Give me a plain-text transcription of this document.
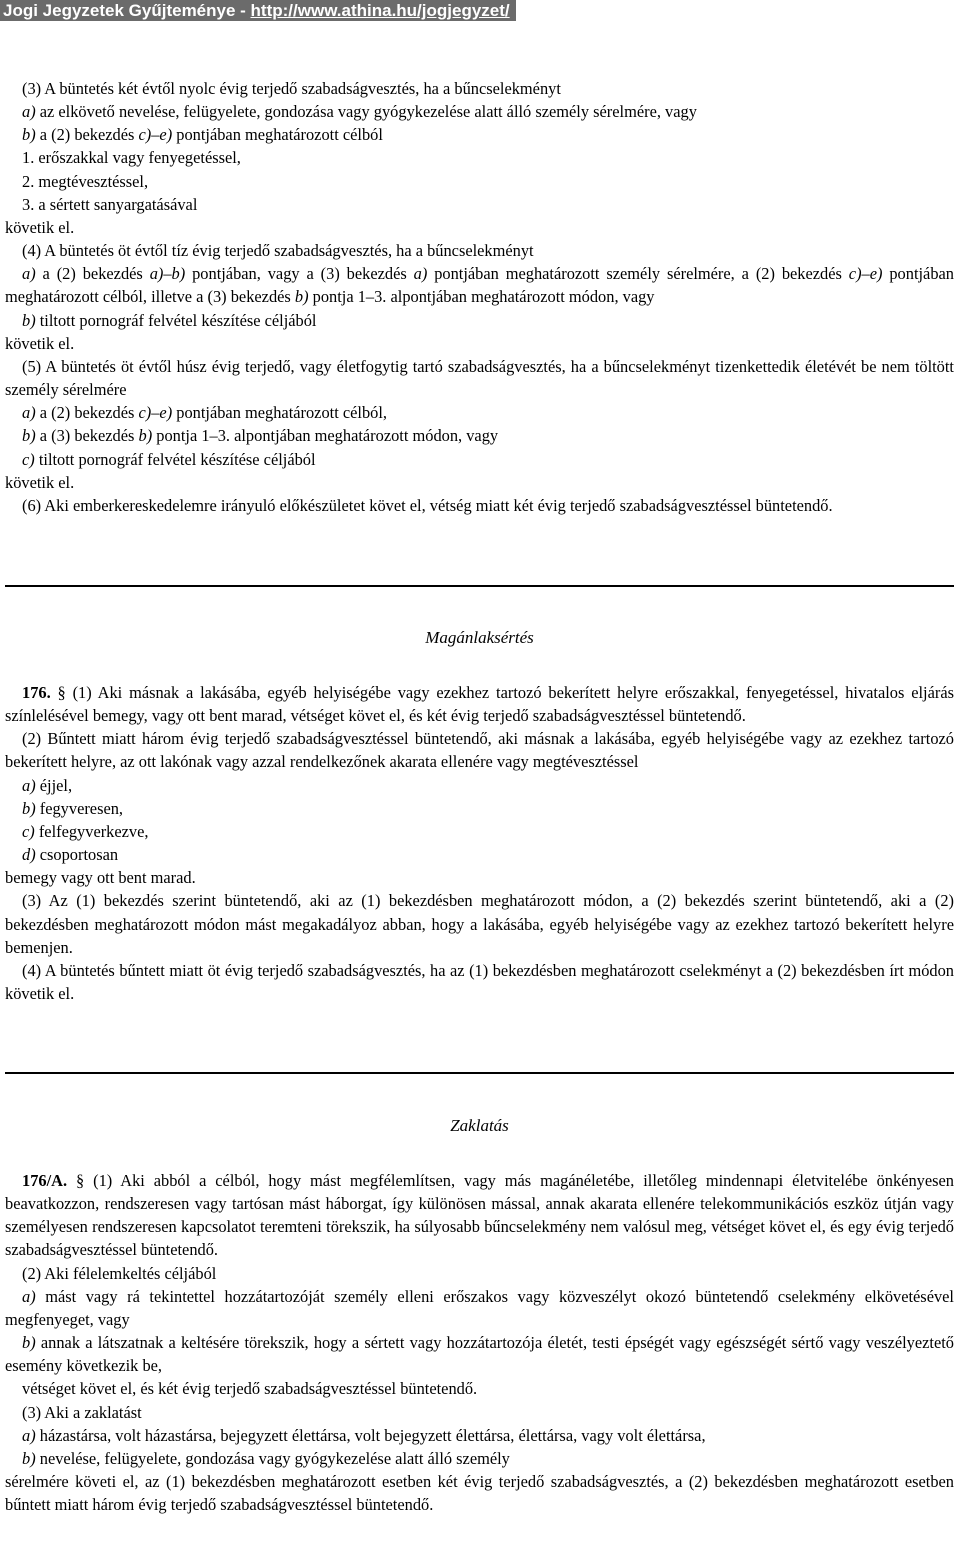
Jogi Jegyzetek Gyűjteménye - http://www.athina.hu/jogjegyzet/

(3) A büntetés két évtől nyolc évig terjedő szabadságvesztés, ha a bűncselekményt

a) az elkövető nevelése, felügyelete, gondozása vagy gyógykezelése alatt álló személy sérelmére, vagy

b) a (2) bekezdés c)–e) pontjában meghatározott célból

1. erőszakkal vagy fenyegetéssel,

2. megtévesztéssel,

3. a sértett sanyargatásával

követik el.

(4) A büntetés öt évtől tíz évig terjedő szabadságvesztés, ha a bűncselekményt

a) a (2) bekezdés a)–b) pontjában, vagy a (3) bekezdés a) pontjában meghatározott személy sérelmére, a (2) bekezdés c)–e) pontjában meghatározott célból, illetve a (3) bekezdés b) pontja 1–3. alpontjában meghatározott módon, vagy

b) tiltott pornográf felvétel készítése céljából

követik el.

(5) A büntetés öt évtől húsz évig terjedő, vagy életfogytig tartó szabadságvesztés, ha a bűncselekményt tizenkettedik életévét be nem töltött személy sérelmére

a) a (2) bekezdés c)–e) pontjában meghatározott célból,

b) a (3) bekezdés b) pontja 1–3. alpontjában meghatározott módon, vagy

c) tiltott pornográf felvétel készítése céljából

követik el.

(6) Aki emberkereskedelemre irányuló előkészületet követ el, vétség miatt két évig terjedő szabadságvesztéssel büntetendő.

Magánlaksértés

176. § (1) Aki másnak a lakásába, egyéb helyiségébe vagy ezekhez tartozó bekerített helyre erőszakkal, fenyegetéssel, hivatalos eljárás színlelésével bemegy, vagy ott bent marad, vétséget követ el, és két évig terjedő szabadságvesztéssel büntetendő.

(2) Bűntett miatt három évig terjedő szabadságvesztéssel büntetendő, aki másnak a lakásába, egyéb helyiségébe vagy az ezekhez tartozó bekerített helyre, az ott lakónak vagy azzal rendelkezőnek akarata ellenére vagy megtévesztéssel

a) éjjel,

b) fegyveresen,

c) felfegyverkezve,

d) csoportosan

bemegy vagy ott bent marad.

(3) Az (1) bekezdés szerint büntetendő, aki az (1) bekezdésben meghatározott módon, a (2) bekezdés szerint büntetendő, aki a (2) bekezdésben meghatározott módon mást megakadályoz abban, hogy a lakásába, egyéb helyiségébe vagy az ezekhez tartozó bekerített helyre bemenjen.

(4) A büntetés bűntett miatt öt évig terjedő szabadságvesztés, ha az (1) bekezdésben meghatározott cselekményt a (2) bekezdésben írt módon követik el.

Zaklatás

176/A. § (1) Aki abból a célból, hogy mást megfélemlítsen, vagy más magánéletébe, illetőleg mindennapi életvitelébe önkényesen beavatkozzon, rendszeresen vagy tartósan mást háborgat, így különösen mással, annak akarata ellenére telekommunikációs eszköz útján vagy személyesen rendszeresen kapcsolatot teremteni törekszik, ha súlyosabb bűncselekmény nem valósul meg, vétséget követ el, és egy évig terjedő szabadságvesztéssel büntetendő.

(2) Aki félelemkeltés céljából

a) mást vagy rá tekintettel hozzátartozóját személy elleni erőszakos vagy közveszélyt okozó büntetendő cselekmény elkövetésével megfenyeget, vagy

b) annak a látszatnak a keltésére törekszik, hogy a sértett vagy hozzátartozója életét, testi épségét vagy egészségét sértő vagy veszélyeztető esemény következik be,

vétséget követ el, és két évig terjedő szabadságvesztéssel büntetendő.

(3) Aki a zaklatást

a) házastársa, volt házastársa, bejegyzett élettársa, volt bejegyzett élettársa, élettársa, vagy volt élettársa,

b) nevelése, felügyelete, gondozása vagy gyógykezelése alatt álló személy

sérelmére követi el, az (1) bekezdésben meghatározott esetben két évig terjedő szabadságvesztés, a (2) bekezdésben meghatározott esetben bűntett miatt három évig terjedő szabadságvesztéssel büntetendő.
